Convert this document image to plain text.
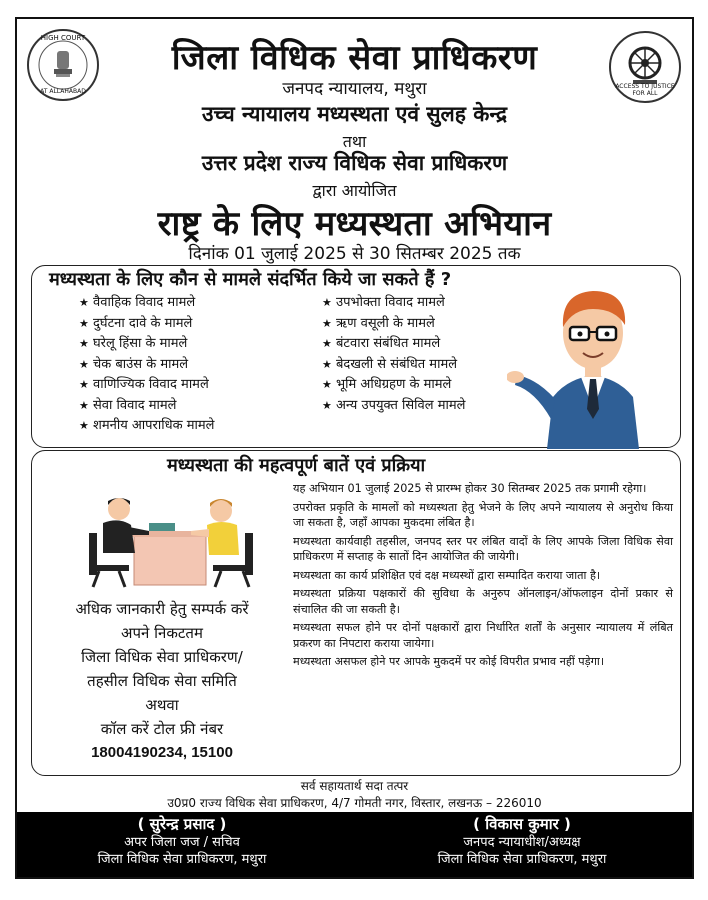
HIGH COURT
AT ALLAHABAD
ACCESS TO JUSTICE FOR ALL
जिला विधिक सेवा प्राधिकरण
जनपद न्यायालय, मथुरा
उच्च न्यायालय मध्यस्थता एवं सुलह केन्द्र
तथा
उत्तर प्रदेश राज्य विधिक सेवा प्राधिकरण
द्वारा आयोजित
राष्ट्र के लिए मध्यस्थता अभियान
दिनांक 01 जुलाई 2025 से 30 सितम्बर 2025 तक
मध्यस्थता के लिए कौन से मामले संदर्भित किये जा सकते हैं ?
★ वैवाहिक विवाद मामले
★ दुर्घटना दावे के मामले
★ घरेलू हिंसा के मामले
★ चेक बाउंस के मामले
★ वाणिज्यिक विवाद मामले
★ सेवा विवाद मामले
★ शमनीय आपराधिक मामले
★ उपभोक्ता विवाद मामले
★ ऋण वसूली के मामले
★ बंटवारा संबंधित मामले
★ बेदखली से संबंधित मामले
★ भूमि अधिग्रहण के मामले
★ अन्य उपयुक्त सिविल मामले
मध्यस्थता की महत्वपूर्ण बातें एवं प्रक्रिया
अधिक जानकारी हेतु सम्पर्क करें
अपने निकटतम
जिला विधिक सेवा प्राधिकरण/
तहसील विधिक सेवा समिति
अथवा
कॉल करें टोल फ्री नंबर
18004190234, 15100

यह अभियान 01 जुलाई 2025 से प्रारम्भ होकर 30 सितम्बर 2025 तक प्रगामी रहेगा।

उपरोक्त प्रकृति के मामलों को मध्यस्थता हेतु भेजने के लिए अपने न्यायालय से अनुरोध किया जा सकता है, जहाँ आपका मुकदमा लंबित है।

मध्यस्थता कार्यवाही तहसील, जनपद स्तर पर लंबित वादों के लिए आपके जिला विधिक सेवा प्राधिकरण में सप्ताह के सातों दिन आयोजित की जायेगी।

मध्यस्थता का कार्य प्रशिक्षित एवं दक्ष मध्यस्थों द्वारा सम्पादित कराया जाता है।

मध्यस्थता प्रक्रिया पक्षकारों की सुविधा के अनुरुप ऑनलाइन/ऑफलाइन दोनों प्रकार से संचालित की जा सकती है।

मध्यस्थता सफल होने पर दोनों पक्षकारों द्वारा निर्धारित शर्तों के अनुसार न्यायालय में लंबित प्रकरण का निपटारा कराया जायेगा।

मध्यस्थता असफल होने पर आपके मुकदमें पर कोई विपरीत प्रभाव नहीं पड़ेगा।

सर्व सहायतार्थ सदा तत्पर
उ0प्र0 राज्य विधिक सेवा प्राधिकरण, 4/7 गोमती नगर, विस्तार, लखनऊ – 226010
( सुरेन्द्र प्रसाद )
अपर जिला जज / सचिव
जिला विधिक सेवा प्राधिकरण, मथुरा
( विकास कुमार )
जनपद न्यायाधीश/अध्यक्ष
जिला विधिक सेवा प्राधिकरण, मथुरा
